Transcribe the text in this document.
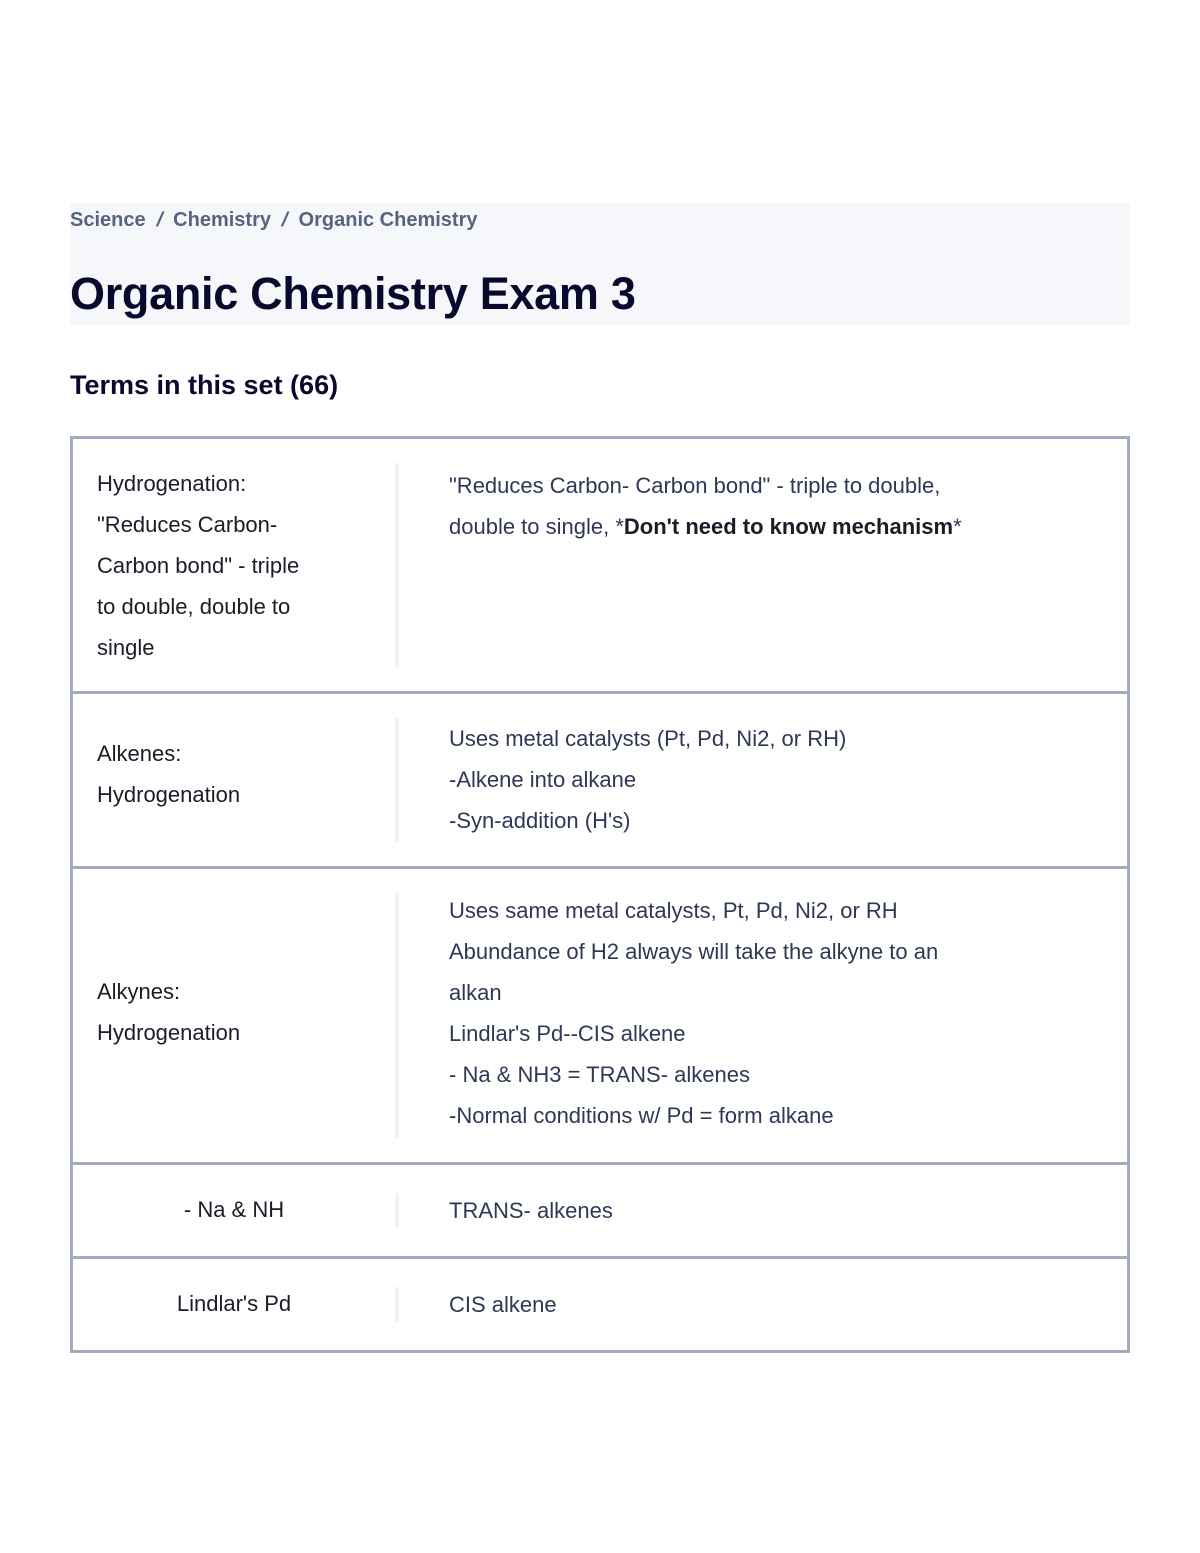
Science / Chemistry / Organic Chemistry
Organic Chemistry Exam 3
Terms in this set (66)
Hydrogenation:
"Reduces Carbon-
Carbon bond" - triple
to double, double to
single
"Reduces Carbon- Carbon bond" - triple to double, double to single, *Don't need to know mechanism*
Alkenes:
Hydrogenation
Uses metal catalysts (Pt, Pd, Ni2, or RH)
-Alkene into alkane
-Syn-addition (H's)
Alkynes:
Hydrogenation
Uses same metal catalysts, Pt, Pd, Ni2, or RH
Abundance of H2 always will take the alkyne to an alkan
Lindlar's Pd--CIS alkene
- Na & NH3 = TRANS- alkenes
-Normal conditions w/ Pd = form alkane
- Na & NH	TRANS- alkenes
Lindlar's Pd	CIS alkene
